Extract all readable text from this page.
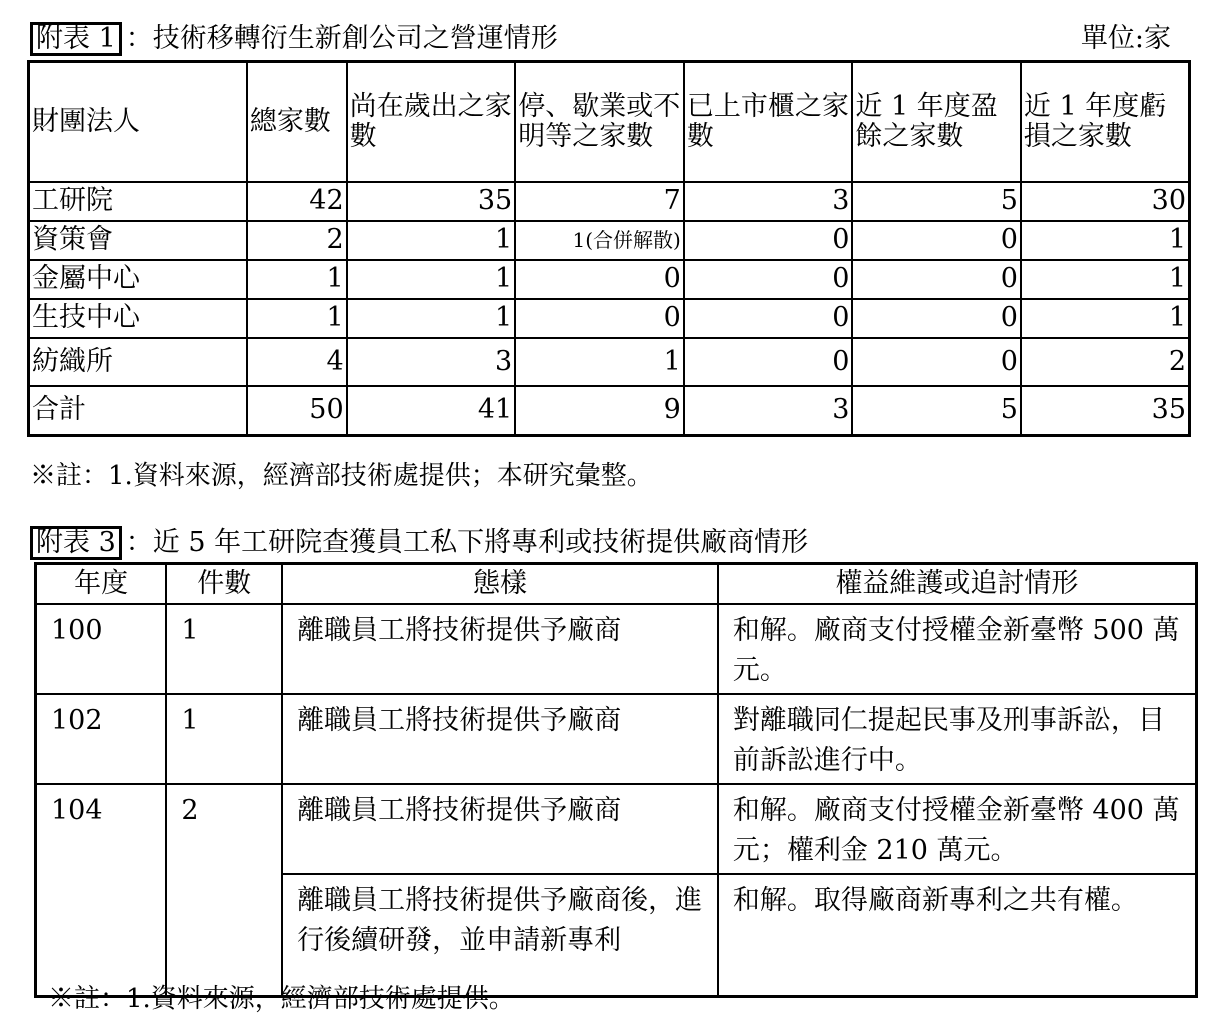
附表 1 ：技術移轉衍生新創公司之營運情形	單位:家
財團法人	總家數	尚在歲出之家數	停、歇業或不明等之家數	已上市櫃之家數	近 1 年度盈餘之家數	近 1 年度虧損之家數
工研院	42	35	7	3	5	30
資策會	2	1	1(合併解散)	0	0	1
金屬中心	1	1	0	0	0	1
生技中心	1	1	0	0	0	1
紡織所	4	3	1	0	0	2
合計	50	41	9	3	5	35
※註：1.資料來源，經濟部技術處提供；本研究彙整。
附表 3 ：近 5 年工研院查獲員工私下將專利或技術提供廠商情形
年度	件數	態樣	權益維護或追討情形
100	1	離職員工將技術提供予廠商	和解。廠商支付授權金新臺幣 500 萬元。
102	1	離職員工將技術提供予廠商	對離職同仁提起民事及刑事訴訟，目前訴訟進行中。
104	2	離職員工將技術提供予廠商	和解。廠商支付授權金新臺幣 400 萬元；權利金 210 萬元。
		離職員工將技術提供予廠商後，進行後續研發，並申請新專利	和解。取得廠商新專利之共有權。
※註：1.資料來源，經濟部技術處提供。
